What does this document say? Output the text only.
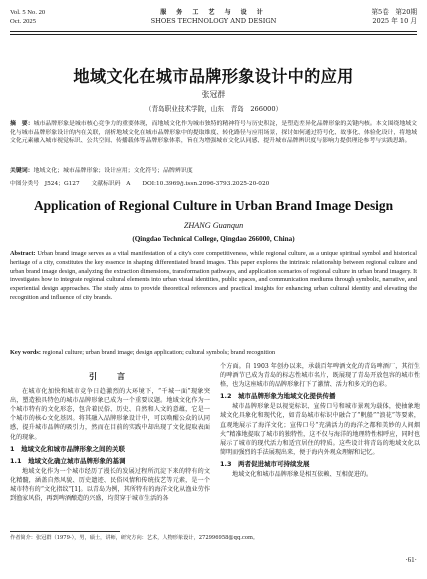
Vol. 5 No. 20
Oct. 2025
服 务 工 艺 与 设 计
SHOES TECHNOLOGY AND DESIGN
第5卷　第20期
2025 年 10 月
地域文化在城市品牌形象设计中的应用
张冠群
（青岛职业技术学院，山东　青岛　266000）
摘　要：城市品牌形象是城市核心竞争力的重要体现，而地域文化作为城市独特的精神符号与历史积淀，是塑造差异化品牌形象的关键内核。本文围绕地域文化与城市品牌形象设计的内在关联，剖析地域文化在城市品牌形象中的提取维度、转化路径与应用场景，探讨如何通过符号化、故事化、体验化设计，将地域文化元素融入城市视觉标识、公共空间、传播载体等品牌形象体系，旨在为增强城市文化认同感、提升城市品牌辨识度与影响力提供理论参考与实践思路。
关键词：地域文化；城市品牌形象；设计应用；文化符号；品牌辨识度
中图分类号　J524；G127 文献标识码　A DOI:10.3969/j.issn.2096-3793.2025-20-020
Application of Regional Culture in Urban Brand Image Design
ZHANG Guanqun
(Qingdao Technical College, Qingdao 266000, China)
Abstract: Urban brand image serves as a vital manifestation of a city's core competitiveness, while regional culture, as a unique spiritual symbol and historical heritage of a city, constitutes the key essence in shaping differentiated brand images. This paper explores the intrinsic relationship between regional culture and urban brand image design, analyzing the extraction dimensions, transformation pathways, and application scenarios of regional culture in urban brand imagery. It investigates how to integrate regional cultural elements into urban visual identities, public spaces, and communication mediums through symbolic, narrative, and experiential design approaches. The study aims to provide theoretical references and practical insights for enhancing urban cultural identity and elevating the recognition and influence of city brands.
Key words: regional culture; urban brand image; design application; cultural symbols; brand recognition
引　言

在城市化加快和城市竞争日趋激烈的大环境下，“千城一面”现象突出，塑造独具特色的城市品牌形象已成为一个重要议题。地域文化作为一个城市特有的文化形态，包含着民俗、历史、自然和人文的意蕴，它是一个城市的核心文化基因。将其融入品牌形象设计中，可以唤醒公众的认同感，提升城市品牌的吸引力，然而在目前的实践中却出现了文化提取表面化的现象。

1　地域文化和城市品牌形象之间的关联
1.1　地域文化确立城市品牌形象的基调

地域文化作为一个城市经历了漫长的发展过程所沉淀下来的特有的文化精髓，涵盖自然风貌、历史遗迹、民俗风情和传统技艺等元素，是一个城市特有的“文化指纹”[1]。以青岛为例，其所特有的海洋文化从渔业劳作到渔家风俗，再到啤酒酿造的兴盛，均贯穿于城市生活的各

个方面。自 1903 年创办以来，承载百年啤酒文化的青岛啤酒厂，其衍生的啤酒节已成为青岛的标志性城市名片，既展现了青岛开放包容的城市性格，也为这座城市的品牌形象打下了激情、活力和多元的色彩。

1.2　城市品牌形象为地域文化提供传播

城市品牌形象是以视觉标识、宣传口号和城市景观为载体，使抽象地域文化具象化和现代化，如青岛城市标识中融合了“帆船”“浪花”等要素，直观地展示了海洋文化；宣传口号“充满活力的海洋之都和美妙的人间烟火”精准地提取了城市的独特性，这不仅与海洋的地理特性相呼应，同时也展示了城市的现代活力和适宜居住的特质。这些设计将青岛的地域文化以简明而强烈的手法展现出来，便于海内外观众理解和记忆。

1.3　两者促进城市可持续发展

地域文化和城市品牌形象是相互依赖、互相促进的。

作者简介：张冠群（1979-），男，硕士，讲师，研究方向：艺术，人物形象设计，272996958@qq.com。
·61·
